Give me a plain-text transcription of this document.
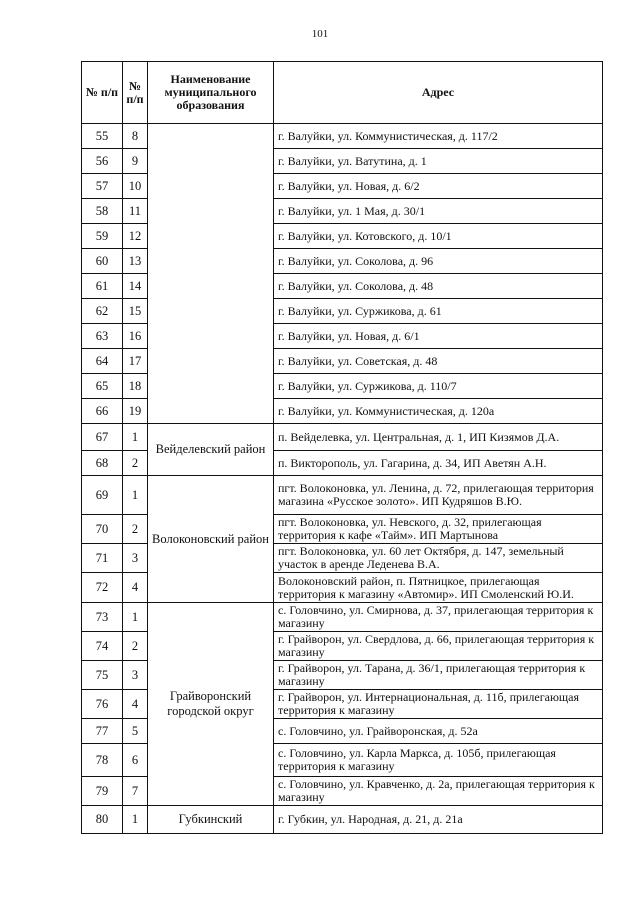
101
№ п/п	№ п/п	Наименование муниципального образования	Адрес
55	8		г. Валуйки, ул. Коммунистическая, д. 117/2
56	9		г. Валуйки, ул. Ватутина, д. 1
57	10		г. Валуйки, ул. Новая, д. 6/2
58	11		г. Валуйки, ул. 1 Мая, д. 30/1
59	12		г. Валуйки, ул. Котовского, д. 10/1
60	13		г. Валуйки, ул. Соколова, д. 96
61	14		г. Валуйки, ул. Соколова, д. 48
62	15		г. Валуйки, ул. Суржикова, д. 61
63	16		г. Валуйки, ул. Новая, д. 6/1
64	17		г. Валуйки, ул. Советская, д. 48
65	18		г. Валуйки, ул. Суржикова, д. 110/7
66	19		г. Валуйки, ул. Коммунистическая, д. 120а
67	1	Вейделевский район	п. Вейделевка, ул. Центральная, д. 1, ИП Кизямов Д.А.
68	2		п. Викторополь, ул. Гагарина, д. 34, ИП Аветян А.Н.
69	1	Волоконовский район	пгт. Волоконовка, ул. Ленина, д. 72, прилегающая территория магазина «Русское золото». ИП Кудряшов В.Ю.
70	2		пгт. Волоконовка, ул. Невского, д. 32, прилегающая территория к кафе «Тайм». ИП Мартынова
71	3		пгт. Волоконовка, ул. 60 лет Октября, д. 147, земельный участок в аренде Леденева В.А.
72	4		Волоконовский район, п. Пятницкое, прилегающая территория к магазину «Автомир». ИП Смоленский Ю.И.
73	1	Грайворонский городской округ	с. Головчино, ул. Смирнова, д. 37, прилегающая территория к магазину
74	2		г. Грайворон, ул. Свердлова, д. 66, прилегающая территория к магазину
75	3		г. Грайворон, ул. Тарана, д. 36/1, прилегающая территория к магазину
76	4		г. Грайворон, ул. Интернациональная, д. 11б, прилегающая территория к магазину
77	5		с. Головчино, ул. Грайворонская, д. 52а
78	6		с. Головчино, ул. Карла Маркса, д. 105б, прилегающая территория к магазину
79	7		с. Головчино, ул. Кравченко, д. 2а, прилегающая территория к магазину
80	1	Губкинский	г. Губкин, ул. Народная, д. 21, д. 21а
